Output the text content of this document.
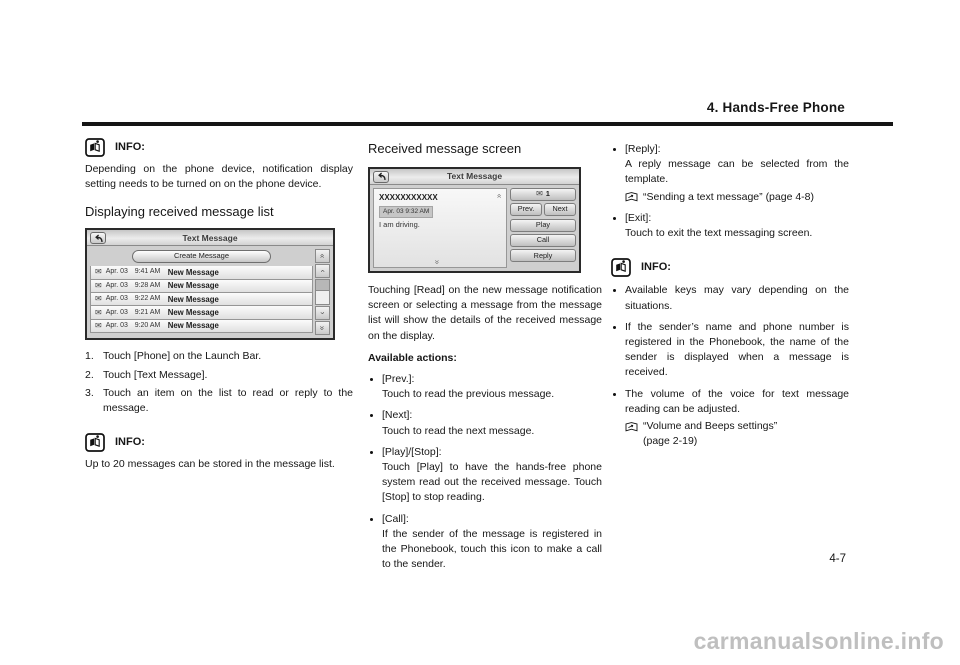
4. Hands-Free Phone
INFO:

Depending on the phone device, notification display setting needs to be turned on on the phone device.

Displaying received message list
Text Message
Create Message
✉ Apr. 03 9:41 AM New Message
✉ Apr. 03 9:28 AM New Message
✉ Apr. 03 9:22 AM New Message
✉ Apr. 03 9:21 AM New Message
✉ Apr. 03 9:20 AM New Message
«
‹
‹
«
1. Touch [Phone] on the Launch Bar.
2. Touch [Text Message].
3. Touch an item on the list to read or reply to the message.
INFO:

Up to 20 messages can be stored in the message list.

Received message screen
Text Message
XXXXXXXXXXX	«
Apr. 03 9:32 AM
I am driving.
«
✉ 1
Prev.	Next
Play
Call
Reply

Touching [Read] on the new message notification screen or selecting a message from the message list will show the details of the received message on the display.

Available actions:

[Prev.]:
Touch to read the previous message.
[Next]:
Touch to read the next message.
[Play]/[Stop]:
Touch [Play] to have the hands-free phone system read out the received message. Touch [Stop] to stop reading.
[Call]:
If the sender of the message is registered in the Phonebook, touch this icon to make a call to the sender.
[Reply]:
A reply message can be selected from the template.
“Sending a text message” (page 4-8)
[Exit]:
Touch to exit the text messaging screen.
INFO:
Available keys may vary depending on the situations.
If the sender’s name and phone number is registered in the Phonebook, the name of the sender is displayed when a message is received.
The volume of the voice for text message reading can be adjusted.
“Volume and Beeps settings”
(page 2-19)
4-7
carmanualsonline.info
